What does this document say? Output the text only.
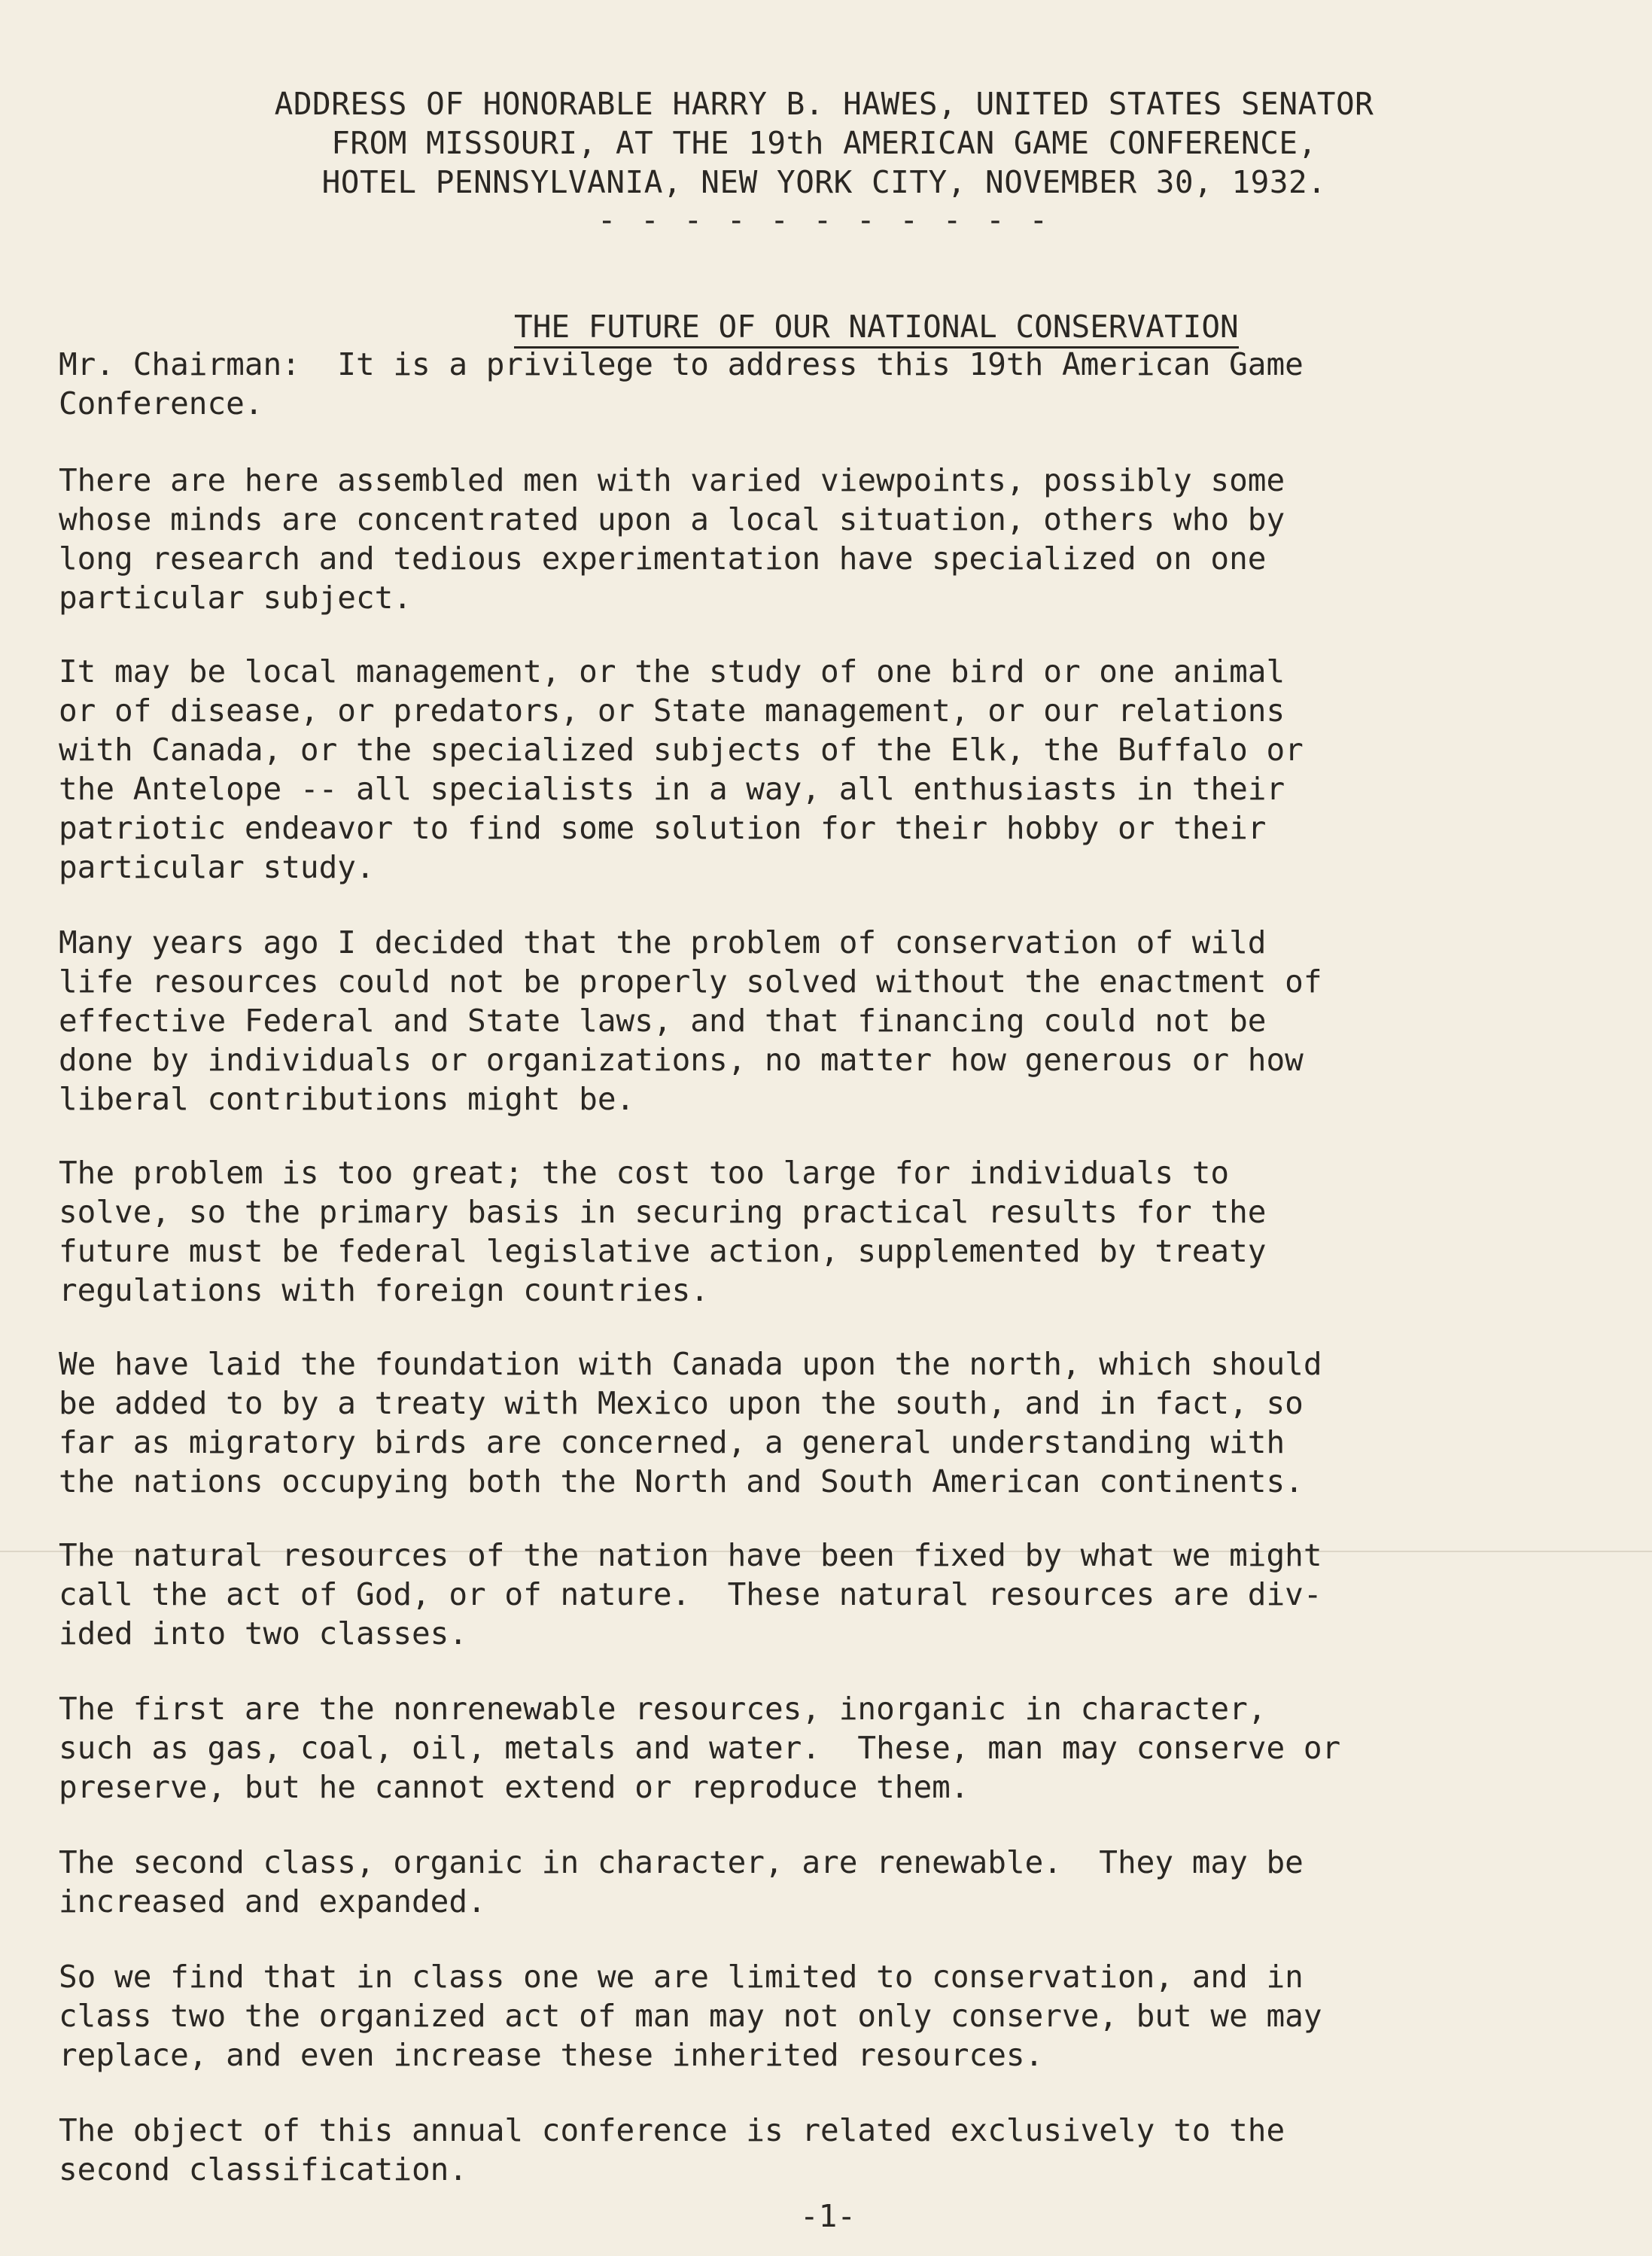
ADDRESS OF HONORABLE HARRY B. HAWES, UNITED STATES SENATOR
FROM MISSOURI, AT THE 19th AMERICAN GAME CONFERENCE,
HOTEL PENNSYLVANIA, NEW YORK CITY, NOVEMBER 30, 1932.
- - - - - - - - - - -

THE FUTURE OF OUR NATIONAL CONSERVATION

Mr. Chairman:  It is a privilege to address this 19th American Game
Conference.
There are here assembled men with varied viewpoints, possibly some
whose minds are concentrated upon a local situation, others who by
long research and tedious experimentation have specialized on one
particular subject.
It may be local management, or the study of one bird or one animal
or of disease, or predators, or State management, or our relations
with Canada, or the specialized subjects of the Elk, the Buffalo or
the Antelope -- all specialists in a way, all enthusiasts in their
patriotic endeavor to find some solution for their hobby or their
particular study.
Many years ago I decided that the problem of conservation of wild
life resources could not be properly solved without the enactment of
effective Federal and State laws, and that financing could not be
done by individuals or organizations, no matter how generous or how
liberal contributions might be.
The problem is too great; the cost too large for individuals to
solve, so the primary basis in securing practical results for the
future must be federal legislative action, supplemented by treaty
regulations with foreign countries.
We have laid the foundation with Canada upon the north, which should
be added to by a treaty with Mexico upon the south, and in fact, so
far as migratory birds are concerned, a general understanding with
the nations occupying both the North and South American continents.
The natural resources of the nation have been fixed by what we might
call the act of God, or of nature.  These natural resources are div-
ided into two classes.
The first are the nonrenewable resources, inorganic in character,
such as gas, coal, oil, metals and water.  These, man may conserve or
preserve, but he cannot extend or reproduce them.
The second class, organic in character, are renewable.  They may be
increased and expanded.
So we find that in class one we are limited to conservation, and in
class two the organized act of man may not only conserve, but we may
replace, and even increase these inherited resources.
The object of this annual conference is related exclusively to the
second classification.
-1-
